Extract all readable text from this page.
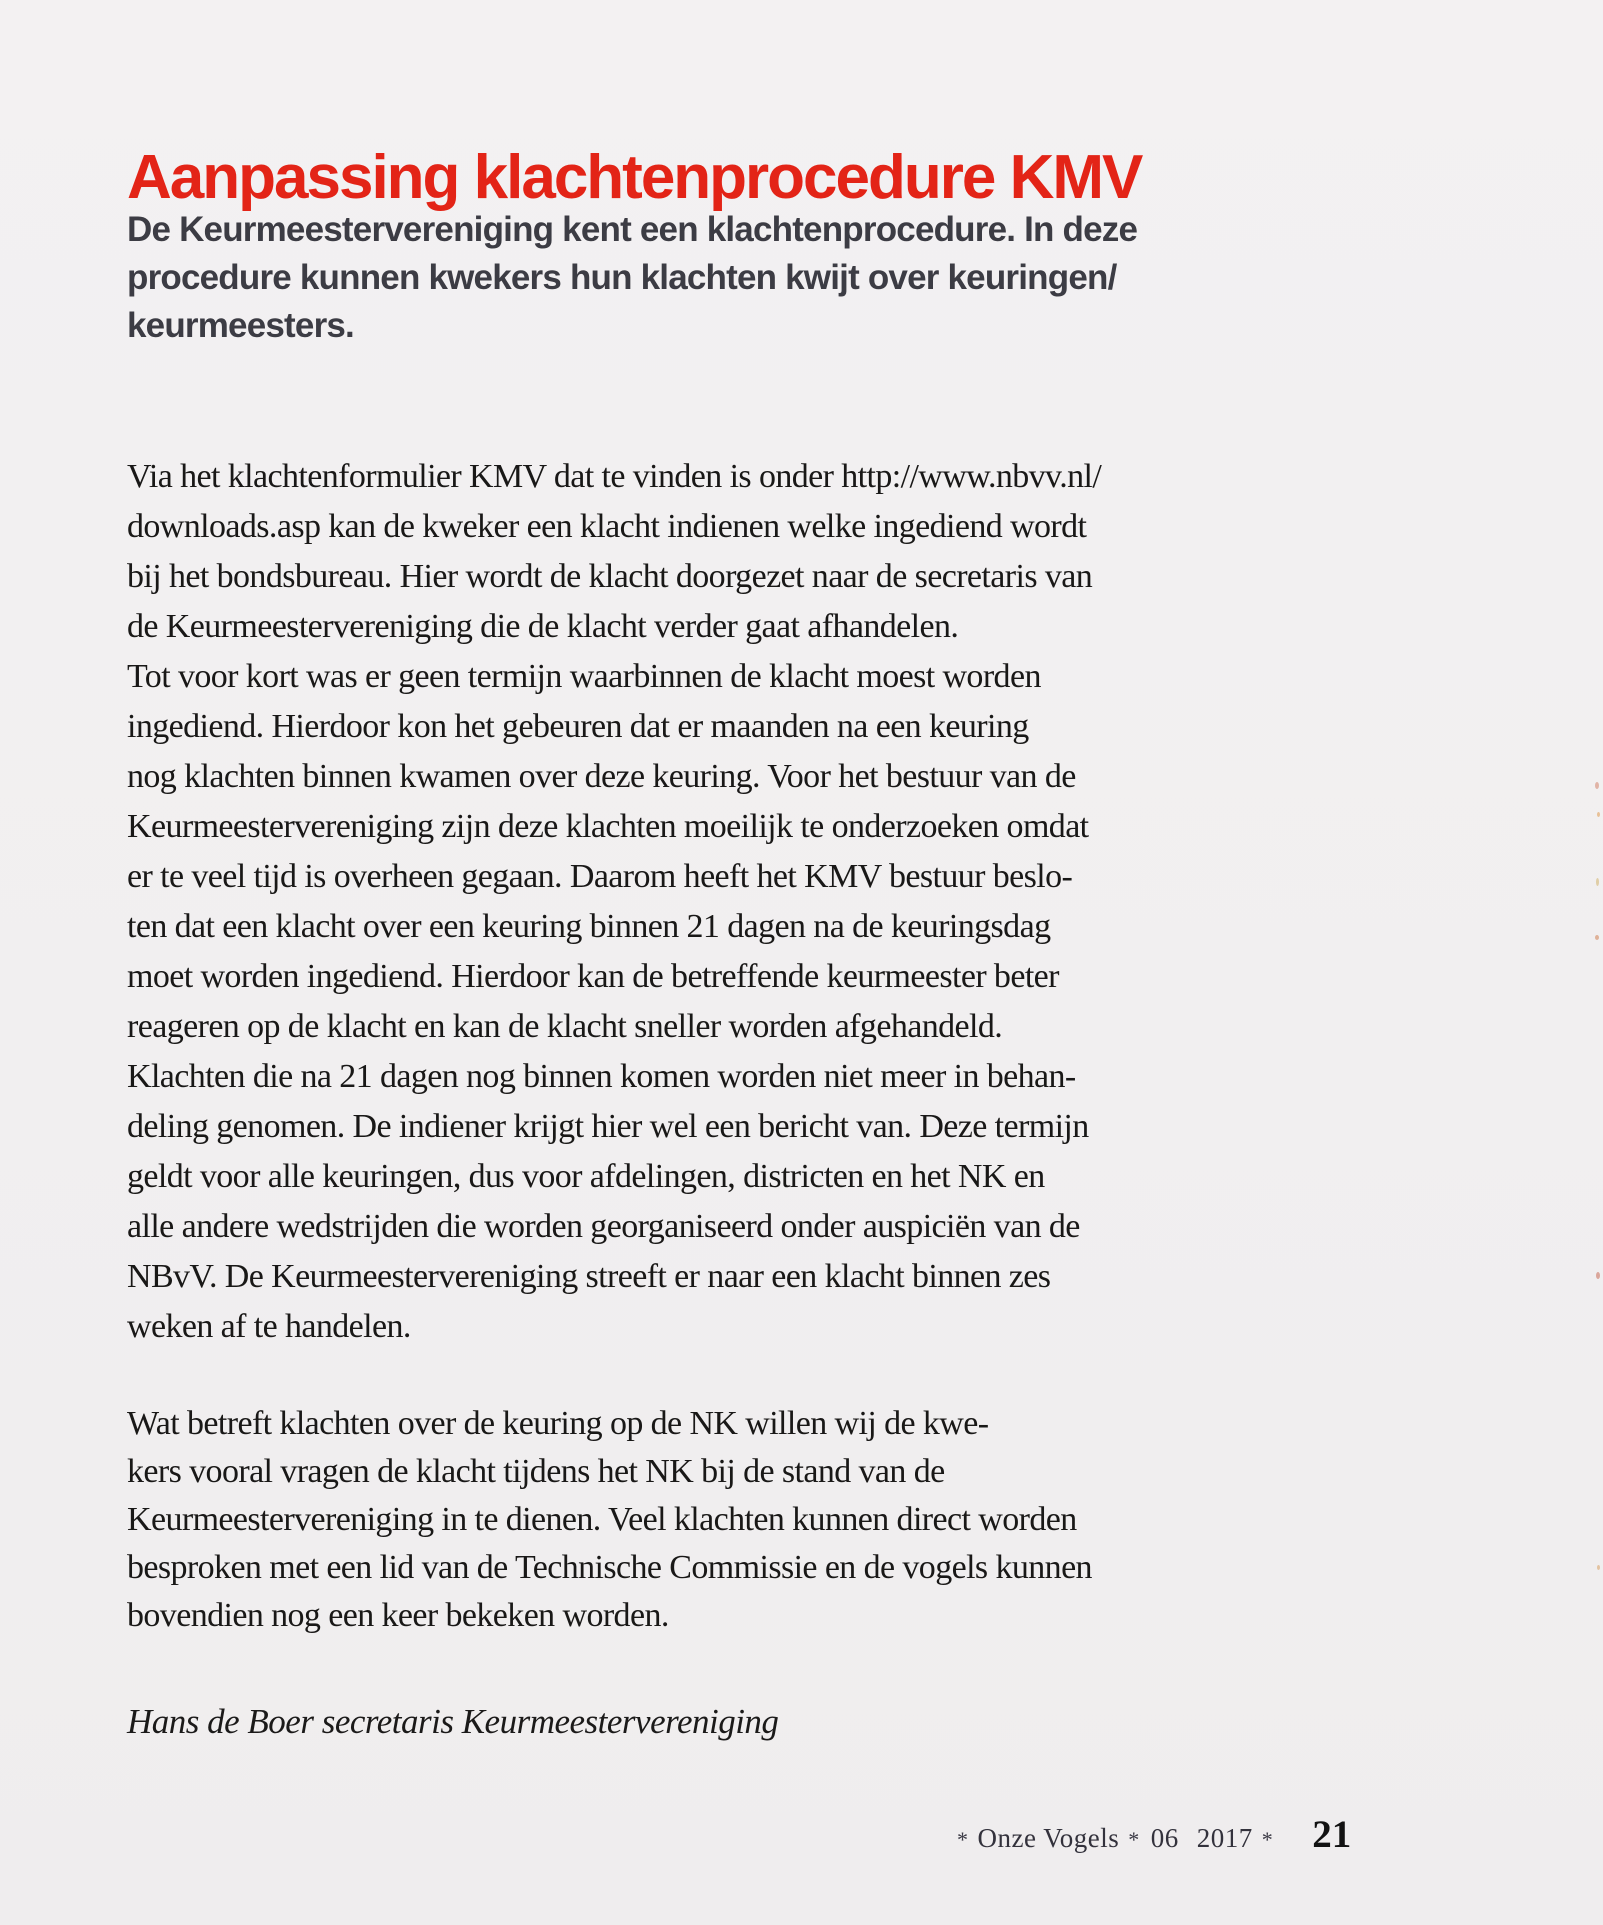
Aanpassing klachtenprocedure KMV
De Keurmeestervereniging kent een klachtenprocedure. In deze
procedure kunnen kwekers hun klachten kwijt over keuringen/
keurmeesters.
Via het klachtenformulier KMV dat te vinden is onder http://www.nbvv.nl/
downloads.asp kan de kweker een klacht indienen welke ingediend wordt
bij het bondsbureau. Hier wordt de klacht doorgezet naar de secretaris van
de Keurmeestervereniging die de klacht verder gaat afhandelen.
Tot voor kort was er geen termijn waarbinnen de klacht moest worden
ingediend. Hierdoor kon het gebeuren dat er maanden na een keuring
nog klachten binnen kwamen over deze keuring. Voor het bestuur van de
Keurmeestervereniging zijn deze klachten moeilijk te onderzoeken omdat
er te veel tijd is overheen gegaan. Daarom heeft het KMV bestuur beslo-
ten dat een klacht over een keuring binnen 21 dagen na de keuringsdag
moet worden ingediend. Hierdoor kan de betreffende keurmeester beter
reageren op de klacht en kan de klacht sneller worden afgehandeld.
Klachten die na 21 dagen nog binnen komen worden niet meer in behan-
deling genomen. De indiener krijgt hier wel een bericht van. Deze termijn
geldt voor alle keuringen, dus voor afdelingen, districten en het NK en
alle andere wedstrijden die worden georganiseerd onder auspiciën van de
NBvV. De Keurmeestervereniging streeft er naar een klacht binnen zes
weken af te handelen.
Wat betreft klachten over de keuring op de NK willen wij de kwe-
kers vooral vragen de klacht tijdens het NK bij de stand van de
Keurmeestervereniging in te dienen. Veel klachten kunnen direct worden
besproken met een lid van de Technische Commissie en de vogels kunnen
bovendien nog een keer bekeken worden.
Hans de Boer secretaris Keurmeestervereniging
* Onze Vogels * 06 2017 * 21
